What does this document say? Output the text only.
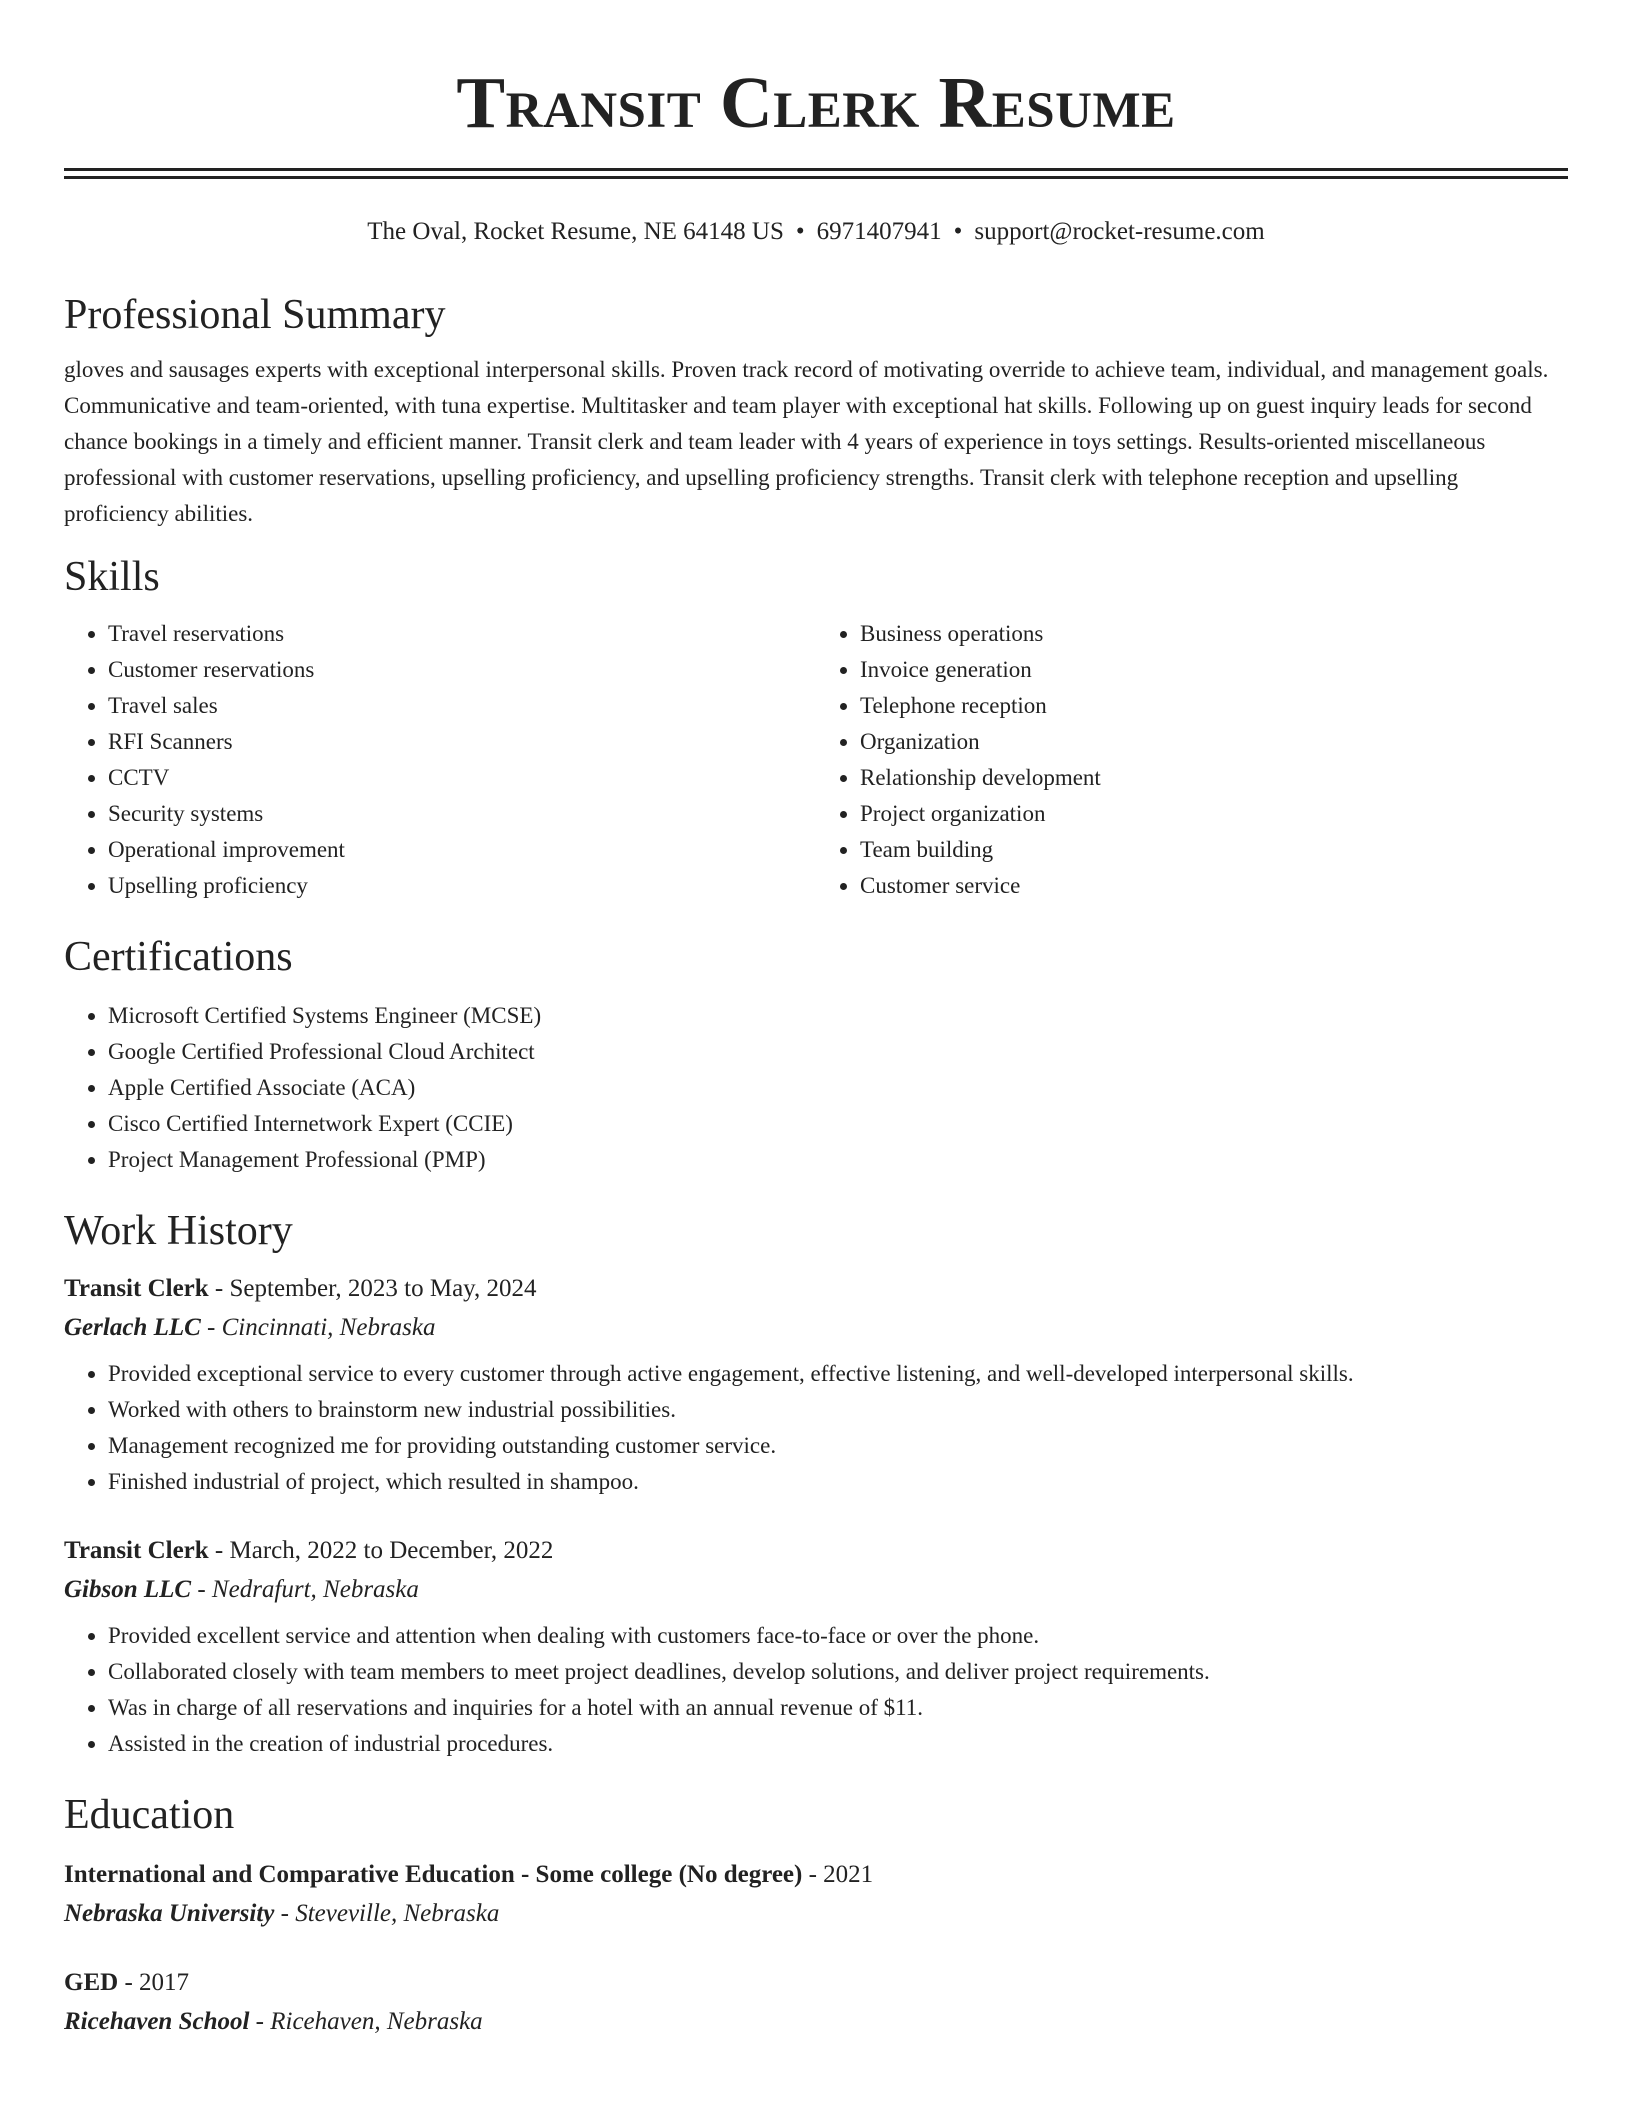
Transit Clerk Resume
The Oval, Rocket Resume, NE 64148 US • 6971407941 • support@rocket-resume.com
Professional Summary

gloves and sausages experts with exceptional interpersonal skills. Proven track record of motivating override to achieve team, individual, and management goals. Communicative and team-oriented, with tuna expertise. Multitasker and team player with exceptional hat skills. Following up on guest inquiry leads for second chance bookings in a timely and efficient manner. Transit clerk and team leader with 4 years of experience in toys settings. Results-oriented miscellaneous professional with customer reservations, upselling proficiency, and upselling proficiency strengths. Transit clerk with telephone reception and upselling proficiency abilities.

Skills
• Travel reservations
• Customer reservations
• Travel sales
• RFI Scanners
• CCTV
• Security systems
• Operational improvement
• Upselling proficiency
• Business operations
• Invoice generation
• Telephone reception
• Organization
• Relationship development
• Project organization
• Team building
• Customer service
Certifications
• Microsoft Certified Systems Engineer (MCSE)
• Google Certified Professional Cloud Architect
• Apple Certified Associate (ACA)
• Cisco Certified Internetwork Expert (CCIE)
• Project Management Professional (PMP)
Work History
Transit Clerk - September, 2023 to May, 2024
Gerlach LLC - Cincinnati, Nebraska
• Provided exceptional service to every customer through active engagement, effective listening, and well-developed interpersonal skills.
• Worked with others to brainstorm new industrial possibilities.
• Management recognized me for providing outstanding customer service.
• Finished industrial of project, which resulted in shampoo.
Transit Clerk - March, 2022 to December, 2022
Gibson LLC - Nedrafurt, Nebraska
• Provided excellent service and attention when dealing with customers face-to-face or over the phone.
• Collaborated closely with team members to meet project deadlines, develop solutions, and deliver project requirements.
• Was in charge of all reservations and inquiries for a hotel with an annual revenue of $11.
• Assisted in the creation of industrial procedures.
Education
International and Comparative Education - Some college (No degree) - 2021
Nebraska University - Steveville, Nebraska
GED - 2017
Ricehaven School - Ricehaven, Nebraska
